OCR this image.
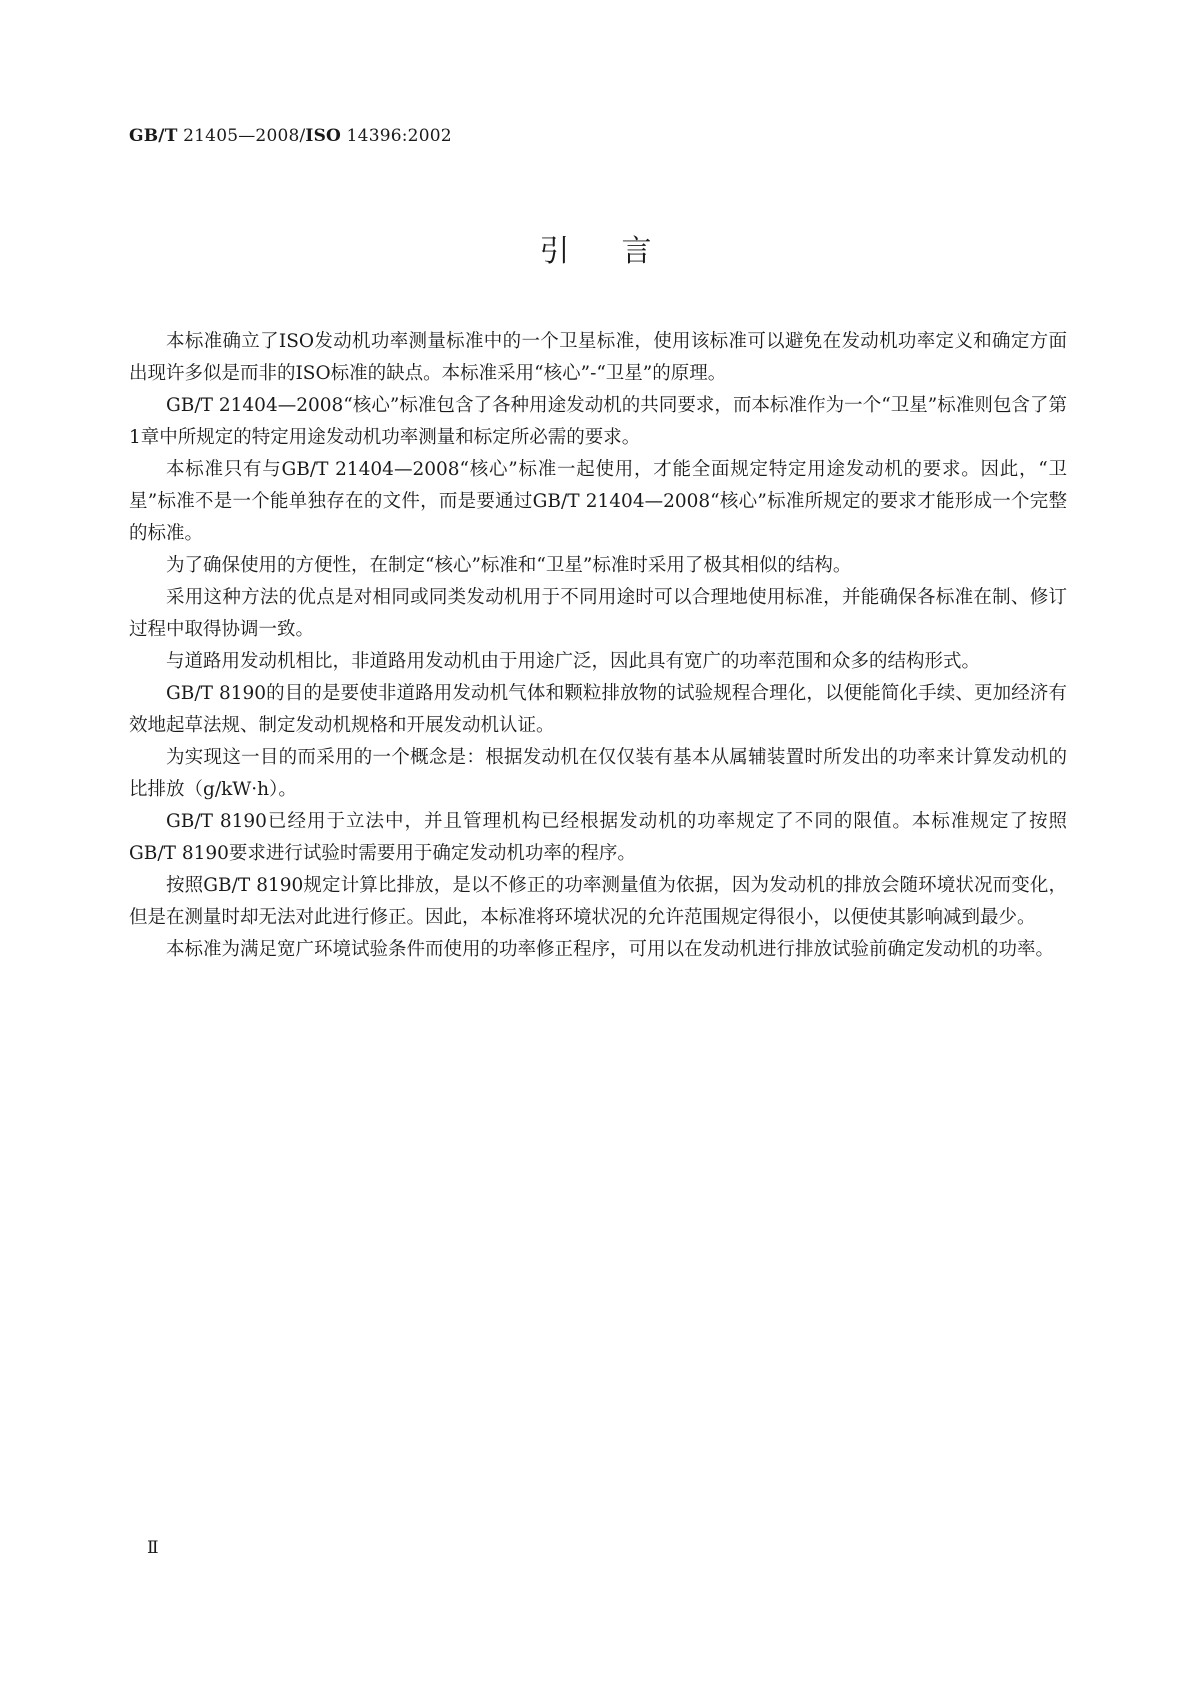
GB/T 21405—2008/ISO 14396:2002
引言

本标准确立了ISO发动机功率测量标准中的一个卫星标准，使用该标准可以避免在发动机功率定义和确定方面出现许多似是而非的ISO标准的缺点。本标准采用“核心”-“卫星”的原理。

GB/T 21404—2008“核心”标准包含了各种用途发动机的共同要求，而本标准作为一个“卫星”标准则包含了第1章中所规定的特定用途发动机功率测量和标定所必需的要求。

本标准只有与GB/T 21404—2008“核心”标准一起使用，才能全面规定特定用途发动机的要求。因此，“卫星”标准不是一个能单独存在的文件，而是要通过GB/T 21404—2008“核心”标准所规定的要求才能形成一个完整的标准。

为了确保使用的方便性，在制定“核心”标准和“卫星”标准时采用了极其相似的结构。

采用这种方法的优点是对相同或同类发动机用于不同用途时可以合理地使用标准，并能确保各标准在制、修订过程中取得协调一致。

与道路用发动机相比，非道路用发动机由于用途广泛，因此具有宽广的功率范围和众多的结构形式。

GB/T 8190的目的是要使非道路用发动机气体和颗粒排放物的试验规程合理化，以便能简化手续、更加经济有效地起草法规、制定发动机规格和开展发动机认证。

为实现这一目的而采用的一个概念是：根据发动机在仅仅装有基本从属辅装置时所发出的功率来计算发动机的比排放（g/kW·h）。

GB/T 8190已经用于立法中，并且管理机构已经根据发动机的功率规定了不同的限值。本标准规定了按照GB/T 8190要求进行试验时需要用于确定发动机功率的程序。

按照GB/T 8190规定计算比排放，是以不修正的功率测量值为依据，因为发动机的排放会随环境状况而变化，但是在测量时却无法对此进行修正。因此，本标准将环境状况的允许范围规定得很小，以便使其影响减到最少。

本标准为满足宽广环境试验条件而使用的功率修正程序，可用以在发动机进行排放试验前确定发动机的功率。

Ⅱ
